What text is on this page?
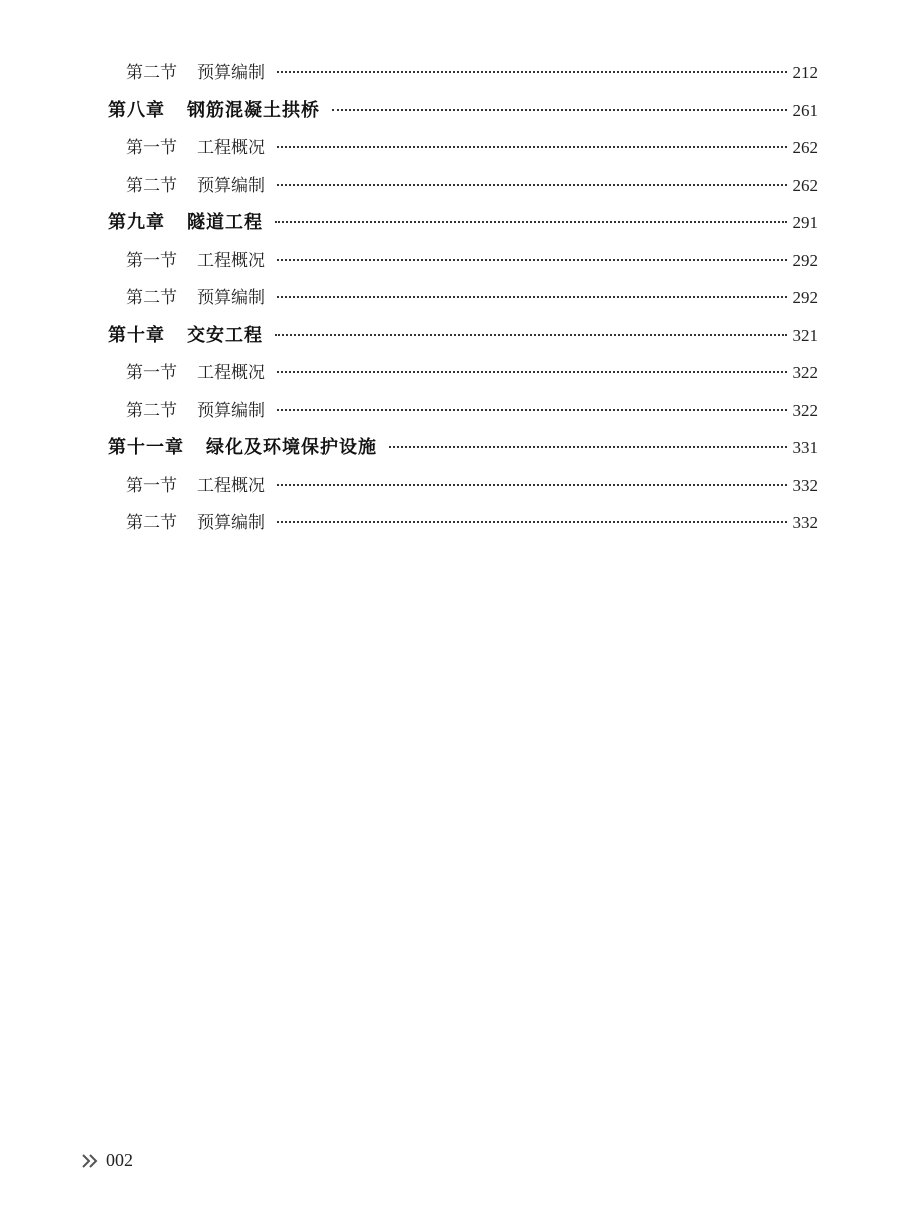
第二节 预算编制	212
第八章 钢筋混凝土拱桥	261
第一节 工程概况	262
第二节 预算编制	262
第九章 隧道工程	291
第一节 工程概况	292
第二节 预算编制	292
第十章 交安工程	321
第一节 工程概况	322
第二节 预算编制	322
第十一章 绿化及环境保护设施	331
第一节 工程概况	332
第二节 预算编制	332
002
